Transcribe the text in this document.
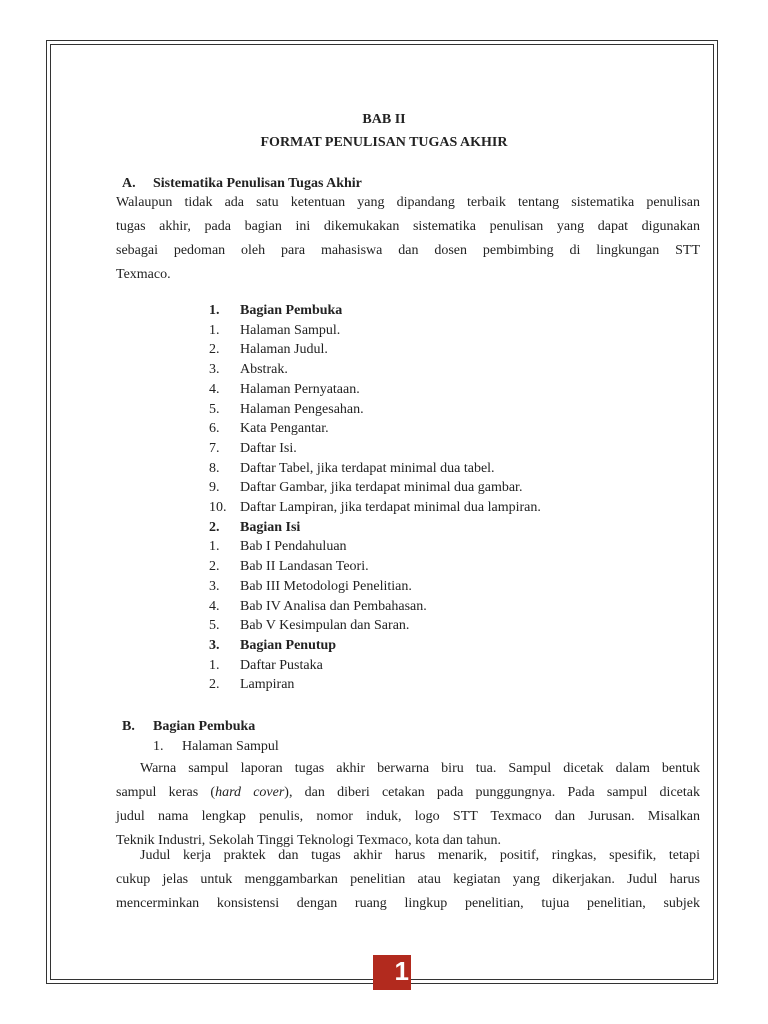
BAB II
FORMAT PENULISAN TUGAS AKHIR
A. Sistematika Penulisan Tugas Akhir
Walaupun tidak ada satu ketentuan yang dipandang terbaik tentang sistematika penulisan
tugas akhir, pada bagian ini dikemukakan sistematika penulisan yang dapat digunakan
sebagai pedoman oleh para mahasiswa dan dosen pembimbing di lingkungan STT
Texmaco.
1. Bagian Pembuka
1. Halaman Sampul.
2. Halaman Judul.
3. Abstrak.
4. Halaman Pernyataan.
5. Halaman Pengesahan.
6. Kata Pengantar.
7. Daftar Isi.
8. Daftar Tabel, jika terdapat minimal dua tabel.
9. Daftar Gambar, jika terdapat minimal dua gambar.
10. Daftar Lampiran, jika terdapat minimal dua lampiran.
2. Bagian Isi
1. Bab I Pendahuluan
2. Bab II Landasan Teori.
3. Bab III Metodologi Penelitian.
4. Bab IV Analisa dan Pembahasan.
5. Bab V Kesimpulan dan Saran.
3. Bagian Penutup
1. Daftar Pustaka
2. Lampiran
B. Bagian Pembuka
1. Halaman Sampul
Warna sampul laporan tugas akhir berwarna biru tua. Sampul dicetak dalam bentuk
sampul keras (hard cover), dan diberi cetakan pada punggungnya. Pada sampul dicetak
judul nama lengkap penulis, nomor induk, logo STT Texmaco dan Jurusan. Misalkan
Teknik Industri, Sekolah Tinggi Teknologi Texmaco, kota dan tahun.
Judul kerja praktek dan tugas akhir harus menarik, positif, ringkas, spesifik, tetapi
cukup jelas untuk menggambarkan penelitian atau kegiatan yang dikerjakan. Judul harus
mencerminkan konsistensi dengan ruang lingkup penelitian, tujua penelitian, subjek
1
